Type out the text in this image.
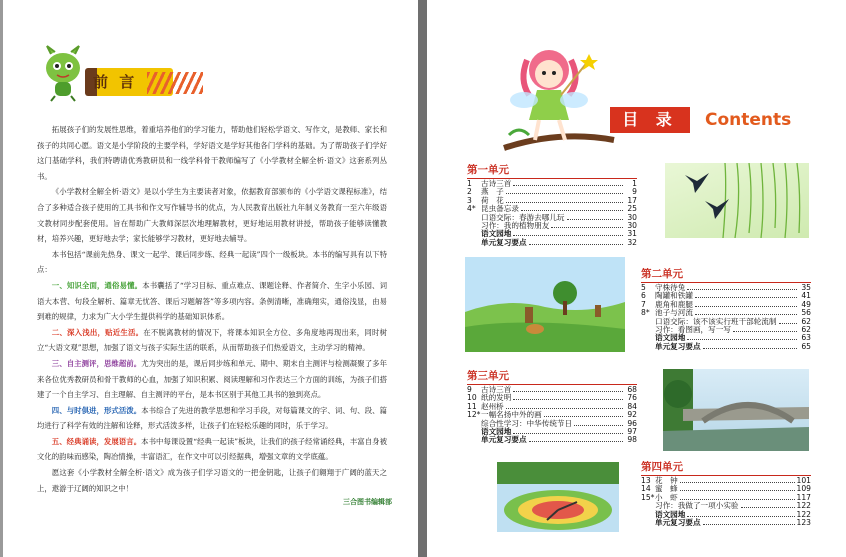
前 言

拓展孩子们的发展性思维，着重培养他们的学习能力，帮助他们轻松学语文、写作文，是教师、家长和孩子的共同心愿。语文是小学阶段的主要学科，学好语文是学好其他各门学科的基础。为了帮助孩子们学好这门基础学科，我们特聘请优秀教研员和一线学科骨干教师编写了《小学教材全解全析·语文》这套系列丛书。

《小学教材全解全析·语文》是以小学生为主要读者对象，依据教育部颁布的《小学语文课程标准》，结合了多种适合孩子使用的工具书和作文写作辅导书的优点，为人民教育出版社九年制义务教育一至六年级语文教材同步配套使用。旨在帮助广大教师深层次地理解教材，更好地运用教材讲授，帮助孩子能够读懂教材，培养兴趣，更好地去学；家长能够学习教材，更好地去辅导。

本书包括“课前先热身、课文一起学、课后同步练、经典一起读”四个一级板块。本书的编写具有以下特点：

一、知识全面，通俗易懂。本书囊括了“学习目标、重点难点、课题诠释、作者简介、生字小乐园、词语大本营、句段全解析、篇章无忧答、课后习题解答”等多项内容。条例清晰，准确翔实，通俗浅显，由易到难的规律，力求为广大小学生提供科学的基础知识体系。

二、深入浅出，贴近生活。在不脱离教材的情况下，将课本知识全方位、多角度地再现出来，同时树立“大语文观”思想，加强了语文与孩子实际生活的联系，从而帮助孩子们热爱语文，主动学习的精神。

三、自主测评，思维超前。尤为突出的是，课后同步练和单元、期中、期末自主测评与检测凝聚了多年来各位优秀教研员和骨干教师的心血，加强了知识积累、阅读理解和习作表达三个方面的训练，为孩子们搭建了一个自主学习、自主理解、自主测评的平台，是本书区别于其他工具书的独到亮点。

四、与时俱进，形式活泼。本书综合了先进的教学思想和学习手段，对每篇课文的字、词、句、段、篇均进行了科学有效的注解和诠释，形式活泼多样，让孩子们在轻松乐趣的同时，乐于学习。

五、经典诵读，发展语言。本书中每课设置“经典一起读”板块，让我们的孩子经常诵经典，丰富自身被文化的韵味而感染，陶冶情操，丰富语汇，在作文中可以引经据典，增强文章的文学底蕴。

愿这套《小学教材全解全析·语文》成为孩子们学习语文的一把金钥匙，让孩子们翱翔于广阔的蓝天之上，遨游于辽阔的知识之中！

三合图书编辑部
目 录	Contents
第一单元
1	古诗三首	1
2	燕　子	9
3	荷　花	17
4* 昆虫备忘录	25
口语交际：春游去哪儿玩	30
习作：我的植物朋友	30
语文园地	31
单元复习要点	32
第二单元
5	守株待兔	35
6	陶罐和铁罐	41
7	鹿角和鹿腿	49
8* 池子与河流	56
口语交际：该不该实行班干部轮流制	62
习作：看图画，写一写	62
语文园地	63
单元复习要点	65
第三单元
9	古诗三首	68
10 纸的发明	76
11 赵州桥	84
12* 一幅名扬中外的画	92
综合性学习：中华传统节日	96
语文园地	97
单元复习要点	98
第四单元
13 花　钟	101
14 蜜　蜂	109
15* 小　虾	117
习作：我做了一项小实验	122
语文园地	122
单元复习要点	123
